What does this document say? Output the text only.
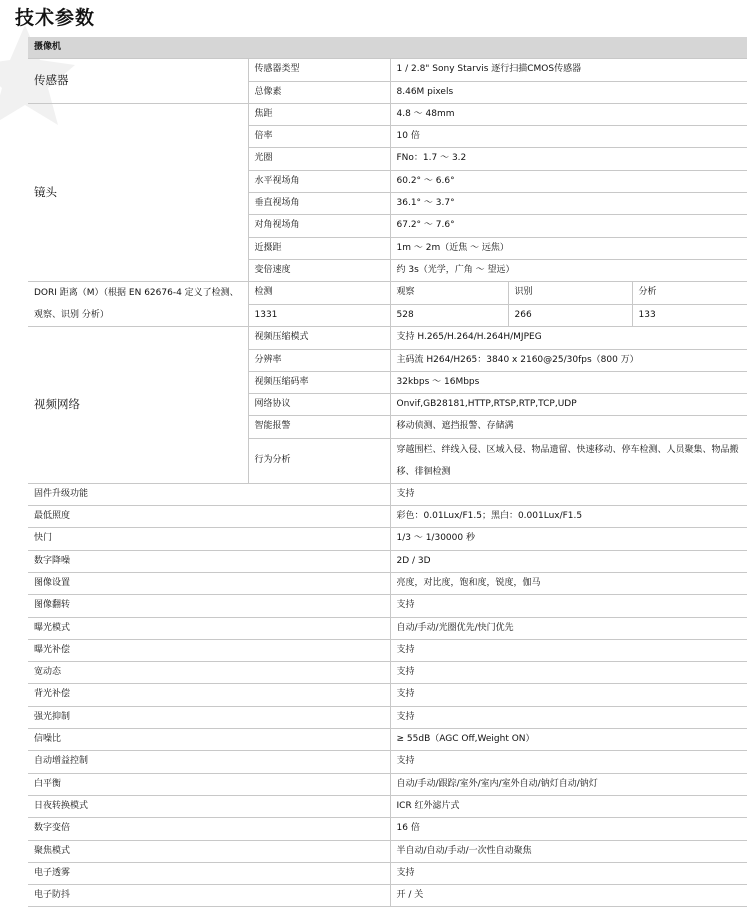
技术参数
摄像机				
传感器	传感器类型	1 / 2.8" Sony Starvis 逐行扫描CMOS传感器		
	总像素	8.46M pixels		
镜头	焦距	4.8 ～ 48mm		
	倍率	10 倍		
	光圈	FNo：1.7 ～ 3.2		
	水平视场角	60.2° ～ 6.6°		
	垂直视场角	36.1° ～ 3.7°		
	对角视场角	67.2° ～ 7.6°		
	近摄距	1m ～ 2m（近焦 ～ 远焦）		
	变倍速度	约 3s（光学，广角 ～ 望远）		
DORI 距离（M）（根据 EN 62676-4 定义了检测、观察、识别 分析）	检测	观察	识别	分析
	1331	528	266	133
视频网络	视频压缩模式	支持 H.265/H.264/H.264H/MJPEG		
	分辨率	主码流 H264/H265：3840 x 2160@25/30fps（800 万）		
	视频压缩码率	32kbps ～ 16Mbps		
	网络协议	Onvif,GB28181,HTTP,RTSP,RTP,TCP,UDP		
	智能报警	移动侦测、遮挡报警、存储满		
	行为分析	穿越围栏、绊线入侵、区域入侵、物品遗留、快速移动、停车检测、人员聚集、物品搬移、徘徊检测		
固件升级功能		支持		
最低照度		彩色：0.01Lux/F1.5；黑白：0.001Lux/F1.5		
快门		1/3 ～ 1/30000 秒		
数字降噪		2D / 3D		
图像设置		亮度，对比度，饱和度，锐度，伽马		
图像翻转		支持		
曝光模式		自动/手动/光圈优先/快门优先		
曝光补偿		支持		
宽动态		支持		
背光补偿		支持		
强光抑制		支持		
信噪比		≥ 55dB（AGC Off,Weight ON）		
自动增益控制		支持		
白平衡		自动/手动/跟踪/室外/室内/室外自动/钠灯自动/钠灯		
日夜转换模式		ICR 红外滤片式		
数字变倍		16 倍		
聚焦模式		半自动/自动/手动/一次性自动聚焦		
电子透雾		支持		
电子防抖		开 / 关		
